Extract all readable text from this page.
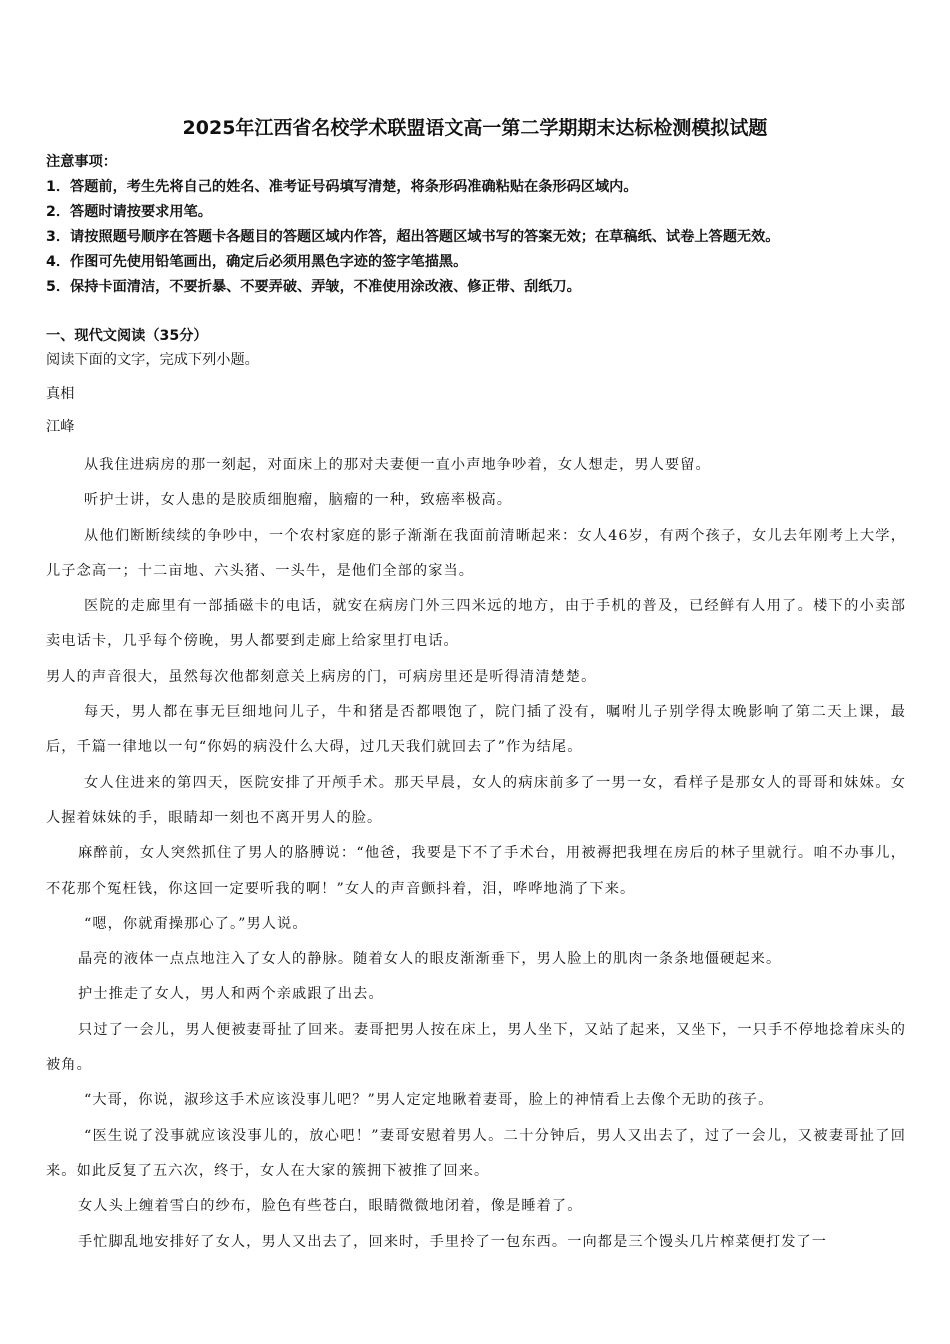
2025年江西省名校学术联盟语文高一第二学期期末达标检测模拟试题
注意事项：
1．答题前，考生先将自己的姓名、准考证号码填写清楚，将条形码准确粘贴在条形码区域内。
2．答题时请按要求用笔。
3．请按照题号顺序在答题卡各题目的答题区域内作答，超出答题区域书写的答案无效；在草稿纸、试卷上答题无效。
4．作图可先使用铅笔画出，确定后必须用黑色字迹的签字笔描黑。
5．保持卡面清洁，不要折暴、不要弄破、弄皱，不准使用涂改液、修正带、刮纸刀。
一、现代文阅读（35分）
阅读下面的文字，完成下列小题。
真相
江峰

从我住进病房的那一刻起，对面床上的那对夫妻便一直小声地争吵着，女人想走，男人要留。

听护士讲，女人患的是胶质细胞瘤，脑瘤的一种，致癌率极高。

从他们断断续续的争吵中，一个农村家庭的影子渐渐在我面前清晰起来：女人46岁，有两个孩子，女儿去年刚考上大学，儿子念高一；十二亩地、六头猪、一头牛，是他们全部的家当。

医院的走廊里有一部插磁卡的电话，就安在病房门外三四米远的地方，由于手机的普及，已经鲜有人用了。楼下的小卖部卖电话卡，几乎每个傍晚，男人都要到走廊上给家里打电话。

男人的声音很大，虽然每次他都刻意关上病房的门，可病房里还是听得清清楚楚。

每天，男人都在事无巨细地问儿子，牛和猪是否都喂饱了，院门插了没有，嘱咐儿子别学得太晚影响了第二天上课，最后，千篇一律地以一句“你妈的病没什么大碍，过几天我们就回去了”作为结尾。

女人住进来的第四天，医院安排了开颅手术。那天早晨，女人的病床前多了一男一女，看样子是那女人的哥哥和妹妹。女人握着妹妹的手，眼睛却一刻也不离开男人的脸。

麻醉前，女人突然抓住了男人的胳膊说：“他爸，我要是下不了手术台，用被褥把我埋在房后的林子里就行。咱不办事儿，不花那个冤枉钱，你这回一定要听我的啊！”女人的声音颤抖着，泪，哗哗地淌了下来。

“嗯，你就甭操那心了。”男人说。

晶亮的液体一点点地注入了女人的静脉。随着女人的眼皮渐渐垂下，男人脸上的肌肉一条条地僵硬起来。

护士推走了女人，男人和两个亲戚跟了出去。

只过了一会儿，男人便被妻哥扯了回来。妻哥把男人按在床上，男人坐下，又站了起来，又坐下，一只手不停地捻着床头的被角。

“大哥，你说，淑珍这手术应该没事儿吧？”男人定定地瞅着妻哥，脸上的神情看上去像个无助的孩子。

“医生说了没事就应该没事儿的，放心吧！”妻哥安慰着男人。二十分钟后，男人又出去了，过了一会儿，又被妻哥扯了回来。如此反复了五六次，终于，女人在大家的簇拥下被推了回来。

女人头上缠着雪白的纱布，脸色有些苍白，眼睛微微地闭着，像是睡着了。

手忙脚乱地安排好了女人，男人又出去了，回来时，手里拎了一包东西。一向都是三个馒头几片榨菜便打发了一
